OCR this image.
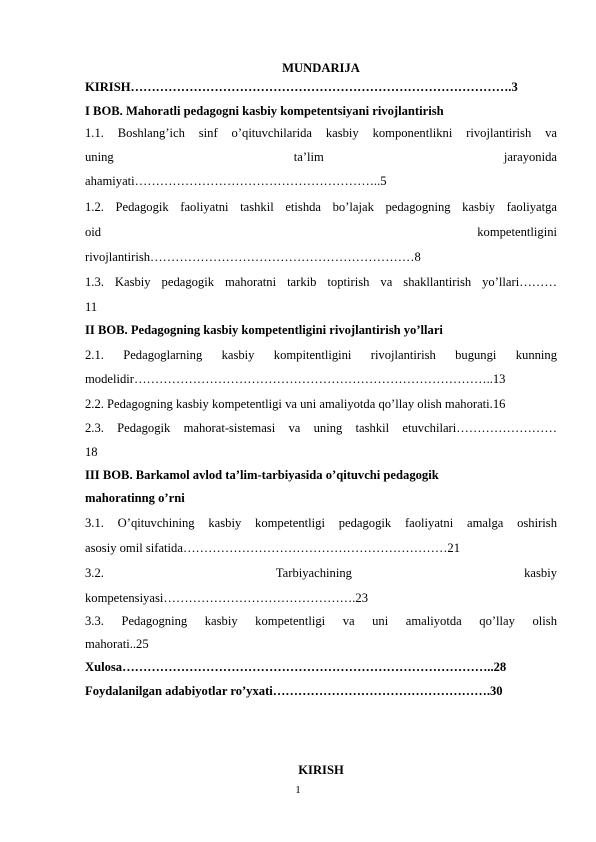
MUNDARIJA
KIRISH……………………………………………………………………………….3
I BOB. Mahoratli pedagogni kasbiy kompetentsiyani rivojlantirish
1.1. Boshlang’ich sinf o’qituvchilarida kasbiy komponentlikni rivojlantirish va
uning ta’lim jarayonida
ahamiyati…………………………………………………..5
1.2. Pedagogik faoliyatni tashkil etishda bo’lajak pedagogning kasbiy faoliyatga
oid kompetentligini
rivojlantirish………………………………………………………8
1.3. Kasbiy pedagogik mahoratni tarkib toptirish va shakllantirish yo’llari………
11
II BOB. Pedagogning kasbiy kompetentligini rivojlantirish yo’llari
2.1. Pedagoglarning kasbiy kompitentligini rivojlantirish bugungi kunning
modelidir…………………………………………………………………………..13
2.2. Pedagogning kasbiy kompetentligi va uni amaliyotda qo’llay olish mahorati.16
2.3. Pedagogik mahorat-sistemasi va uning tashkil etuvchilari……………………
18
III BOB. Barkamol avlod ta’lim-tarbiyasida o’qituvchi pedagogik
mahoratinng o’rni
3.1. O’qituvchining kasbiy kompetentligi pedagogik faoliyatni amalga oshirish
asosiy omil sifatida………………………………………………………21
3.2. Tarbiyachining kasbiy
kompetensiyasi……………………………………….23
3.3. Pedagogning kasbiy kompetentligi va uni amaliyotda qo’llay olish
mahorati..25
Xulosa……………………………………………………………………………..28
Foydalanilgan adabiyotlar ro’yxati…………………………………………….30
KIRISH
1
